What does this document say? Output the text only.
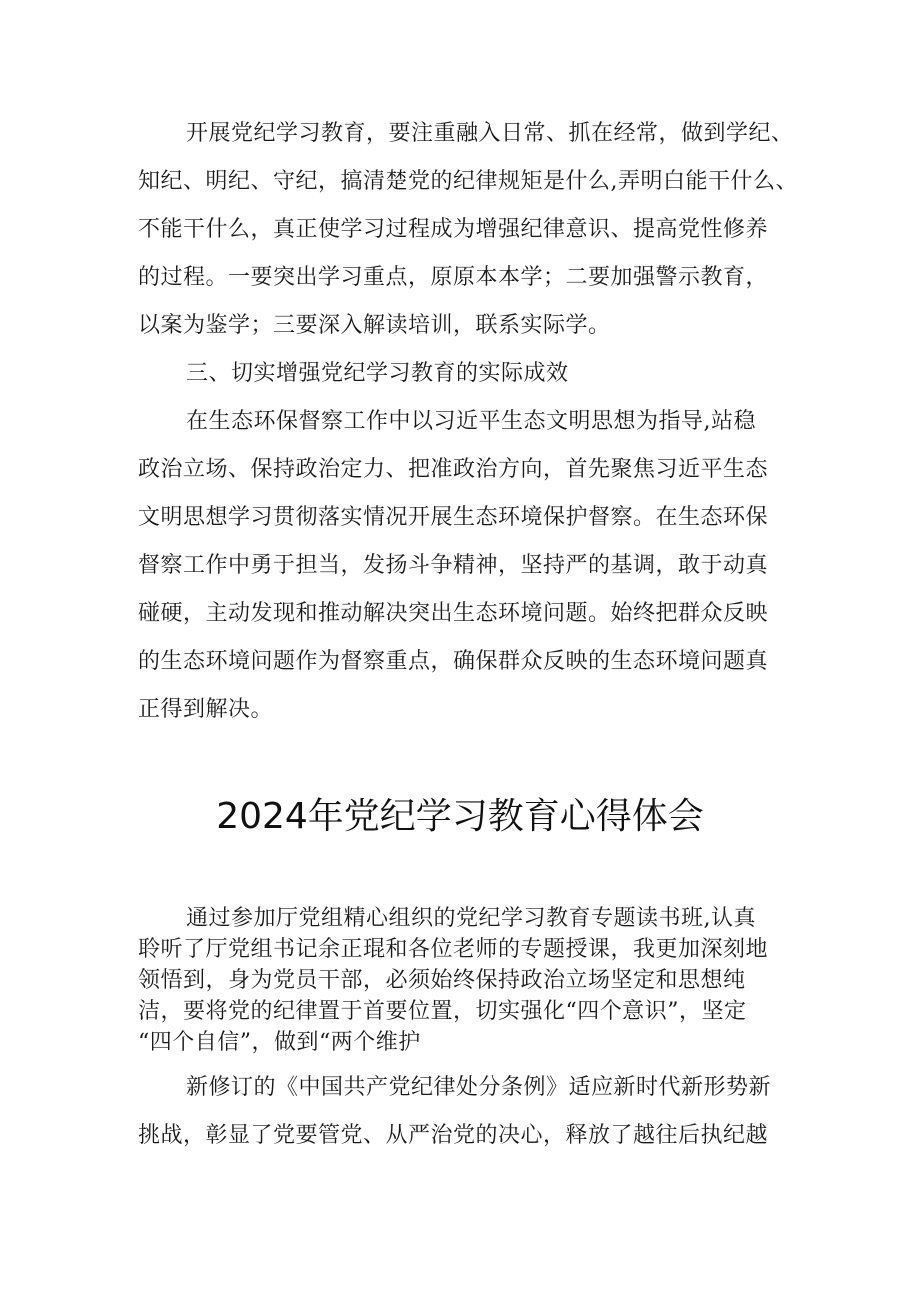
开展党纪学习教育，要注重融入日常、抓在经常，做到学纪、
知纪、明纪、守纪，搞清楚党的纪律规矩是什么,弄明白能干什么、
不能干什么，真正使学习过程成为增强纪律意识、提高党性修养
的过程。一要突出学习重点，原原本本学；二要加强警示教育，
以案为鉴学；三要深入解读培训，联系实际学。
三、切实增强党纪学习教育的实际成效
在生态环保督察工作中以习近平生态文明思想为指导,站稳
政治立场、保持政治定力、把准政治方向，首先聚焦习近平生态
文明思想学习贯彻落实情况开展生态环境保护督察。在生态环保
督察工作中勇于担当，发扬斗争精神，坚持严的基调，敢于动真
碰硬，主动发现和推动解决突出生态环境问题。始终把群众反映
的生态环境问题作为督察重点，确保群众反映的生态环境问题真
正得到解决。
2024年党纪学习教育心得体会
通过参加厅党组精心组织的党纪学习教育专题读书班,认真
聆听了厅党组书记余正琨和各位老师的专题授课，我更加深刻地
领悟到，身为党员干部，必须始终保持政治立场坚定和思想纯
洁，要将党的纪律置于首要位置，切实强化“四个意识”，坚定
“四个自信”，做到“两个维护
新修订的《中国共产党纪律处分条例》适应新时代新形势新
挑战，彰显了党要管党、从严治党的决心，释放了越往后执纪越
